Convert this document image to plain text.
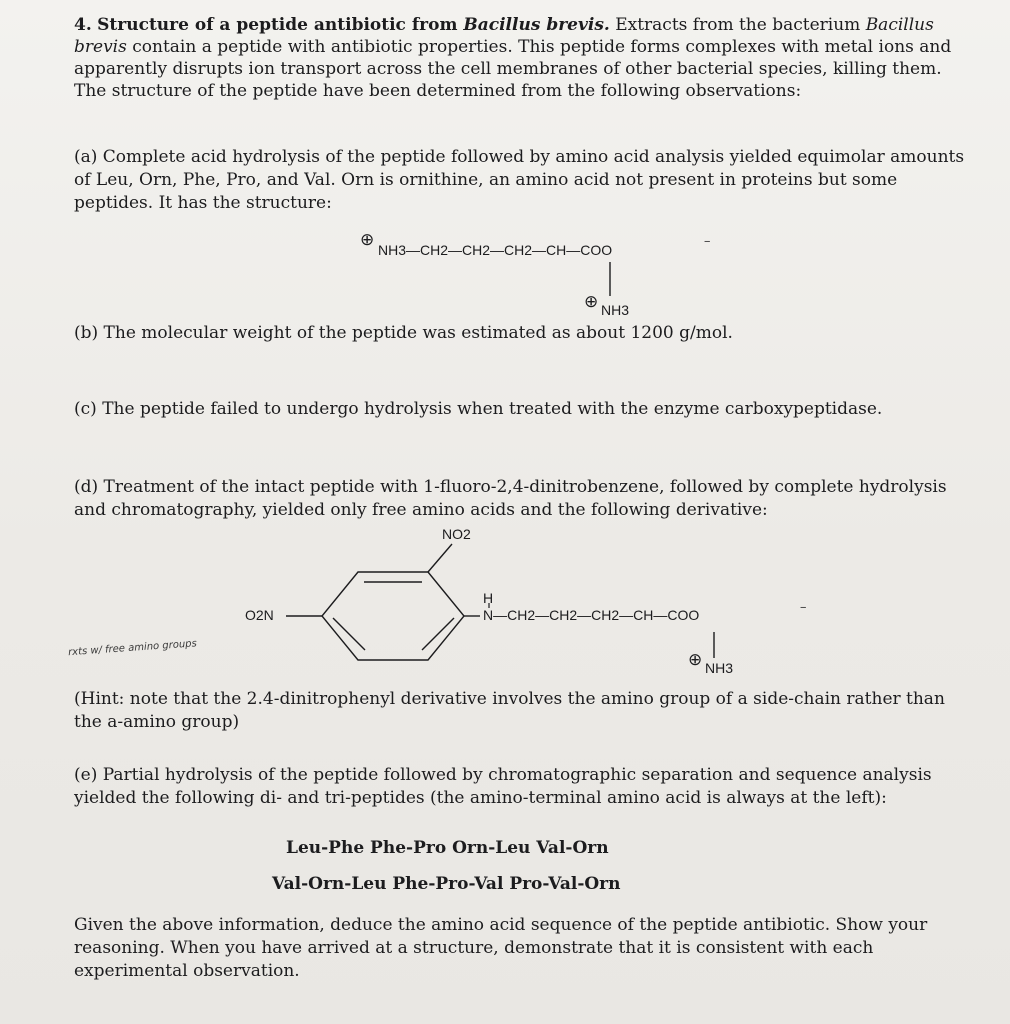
4. Structure of a peptide antibiotic from Bacillus brevis. Extracts from the bacterium Bacillus brevis contain a peptide with antibiotic properties. This peptide forms complexes with metal ions and apparently disrupts ion transport across the cell membranes of other bacterial species, killing them. The structure of the peptide have been determined from the following observations:

(a) Complete acid hydrolysis of the peptide followed by amino acid analysis yielded equimolar amounts of Leu, Orn, Phe, Pro, and Val. Orn is ornithine, an amino acid not present in proteins but some peptides. It has the structure:

⊕
NH3—CH2—CH2—CH2—CH—COO	−
⊕ NH3

(b) The molecular weight of the peptide was estimated as about 1200 g/mol.

(c) The peptide failed to undergo hydrolysis when treated with the enzyme carboxypeptidase.

(d) Treatment of the intact peptide with 1-fluoro-2,4-dinitrobenzene, followed by complete hydrolysis and chromatography, yielded only free amino acids and the following derivative:

NO2
O2N
H
N—CH2—CH2—CH2—CH—COO	−
⊕ NH3
rxts w/ free amino groups

(Hint: note that the 2.4-dinitrophenyl derivative involves the amino group of a side-chain rather than the a-amino group)

(e) Partial hydrolysis of the peptide followed by chromatographic separation and sequence analysis yielded the following di- and tri-peptides (the amino-terminal amino acid is always at the left):

Leu-Phe Phe-Pro Orn-Leu Val-Orn
Val-Orn-Leu Phe-Pro-Val Pro-Val-Orn

Given the above information, deduce the amino acid sequence of the peptide antibiotic. Show your reasoning. When you have arrived at a structure, demonstrate that it is consistent with each experimental observation.
